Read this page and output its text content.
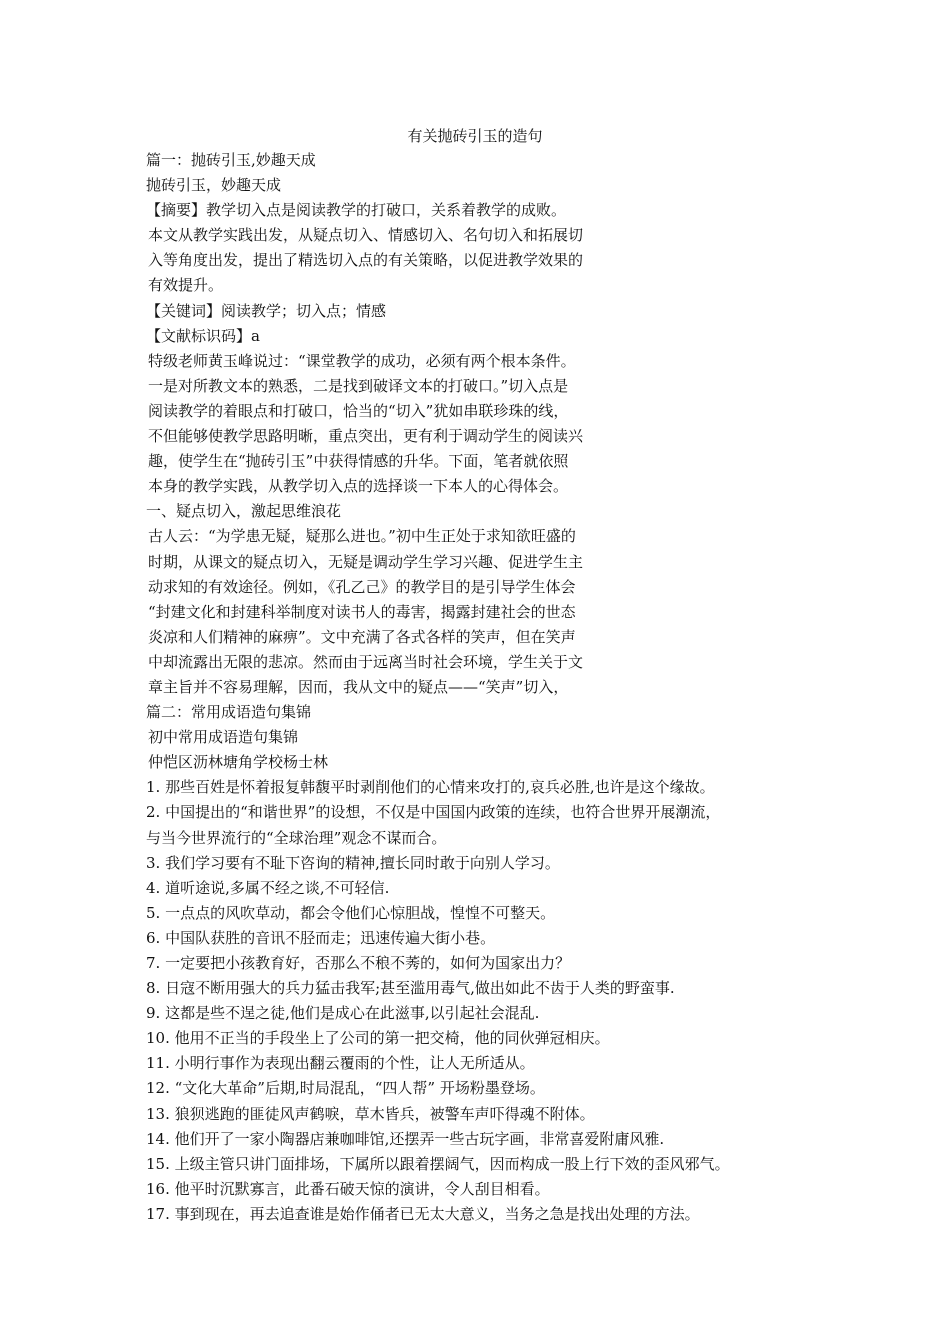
有关抛砖引玉的造句
篇一：抛砖引玉,妙趣天成
抛砖引玉，妙趣天成
【摘要】教学切入点是阅读教学的打破口，关系着教学的成败。
本文从教学实践出发，从疑点切入、情感切入、名句切入和拓展切
入等角度出发，提出了精选切入点的有关策略，以促进教学效果的
有效提升。
【关键词】阅读教学；切入点；情感
【文献标识码】a
特级老师黄玉峰说过：“课堂教学的成功，必须有两个根本条件。
一是对所教文本的熟悉，二是找到破译文本的打破口。”切入点是
阅读教学的着眼点和打破口，恰当的“切入”犹如串联珍珠的线，
不但能够使教学思路明晰，重点突出，更有利于调动学生的阅读兴
趣，使学生在“抛砖引玉”中获得情感的升华。下面，笔者就依照
本身的教学实践，从教学切入点的选择谈一下本人的心得体会。
一、疑点切入，激起思维浪花
古人云：“为学患无疑，疑那么进也。”初中生正处于求知欲旺盛的
时期，从课文的疑点切入，无疑是调动学生学习兴趣、促进学生主
动求知的有效途径。例如，《孔乙己》的教学目的是引导学生体会
“封建文化和封建科举制度对读书人的毒害，揭露封建社会的世态
炎凉和人们精神的麻痹”。文中充满了各式各样的笑声，但在笑声
中却流露出无限的悲凉。然而由于远离当时社会环境，学生关于文
章主旨并不容易理解，因而，我从文中的疑点——“笑声”切入，
篇二：常用成语造句集锦
初中常用成语造句集锦
仲恺区沥林塘角学校杨士林
1. 那些百姓是怀着报复韩馥平时剥削他们的心情来攻打的,哀兵必胜,也许是这个缘故。
2. 中国提出的“和谐世界”的设想，不仅是中国国内政策的连续，也符合世界开展潮流，
与当今世界流行的“全球治理”观念不谋而合。
3. 我们学习要有不耻下咨询的精神,擅长同时敢于向别人学习。
4. 道听途说,多属不经之谈,不可轻信.
5. 一点点的风吹草动，都会令他们心惊胆战，惶惶不可整天。
6. 中国队获胜的音讯不胫而走；迅速传遍大街小巷。
7. 一定要把小孩教育好，否那么不稂不莠的，如何为国家出力？
8. 日寇不断用强大的兵力猛击我军;甚至滥用毒气,做出如此不齿于人类的野蛮事.
9. 这都是些不逞之徒,他们是成心在此滋事,以引起社会混乱.
10. 他用不正当的手段坐上了公司的第一把交椅，他的同伙弹冠相庆。
11. 小明行事作为表现出翻云覆雨的个性，让人无所适从。
12. “文化大革命”后期,时局混乱，“四人帮” 开场粉墨登场。
13. 狼狈逃跑的匪徒风声鹤唳，草木皆兵，被警车声吓得魂不附体。
14. 他们开了一家小陶器店兼咖啡馆,还摆弄一些古玩字画，非常喜爱附庸风雅.
15. 上级主管只讲门面排场，下属所以跟着摆阔气，因而构成一股上行下效的歪风邪气。
16. 他平时沉默寡言，此番石破天惊的演讲，令人刮目相看。
17. 事到现在，再去追查谁是始作俑者已无太大意义，当务之急是找出处理的方法。
